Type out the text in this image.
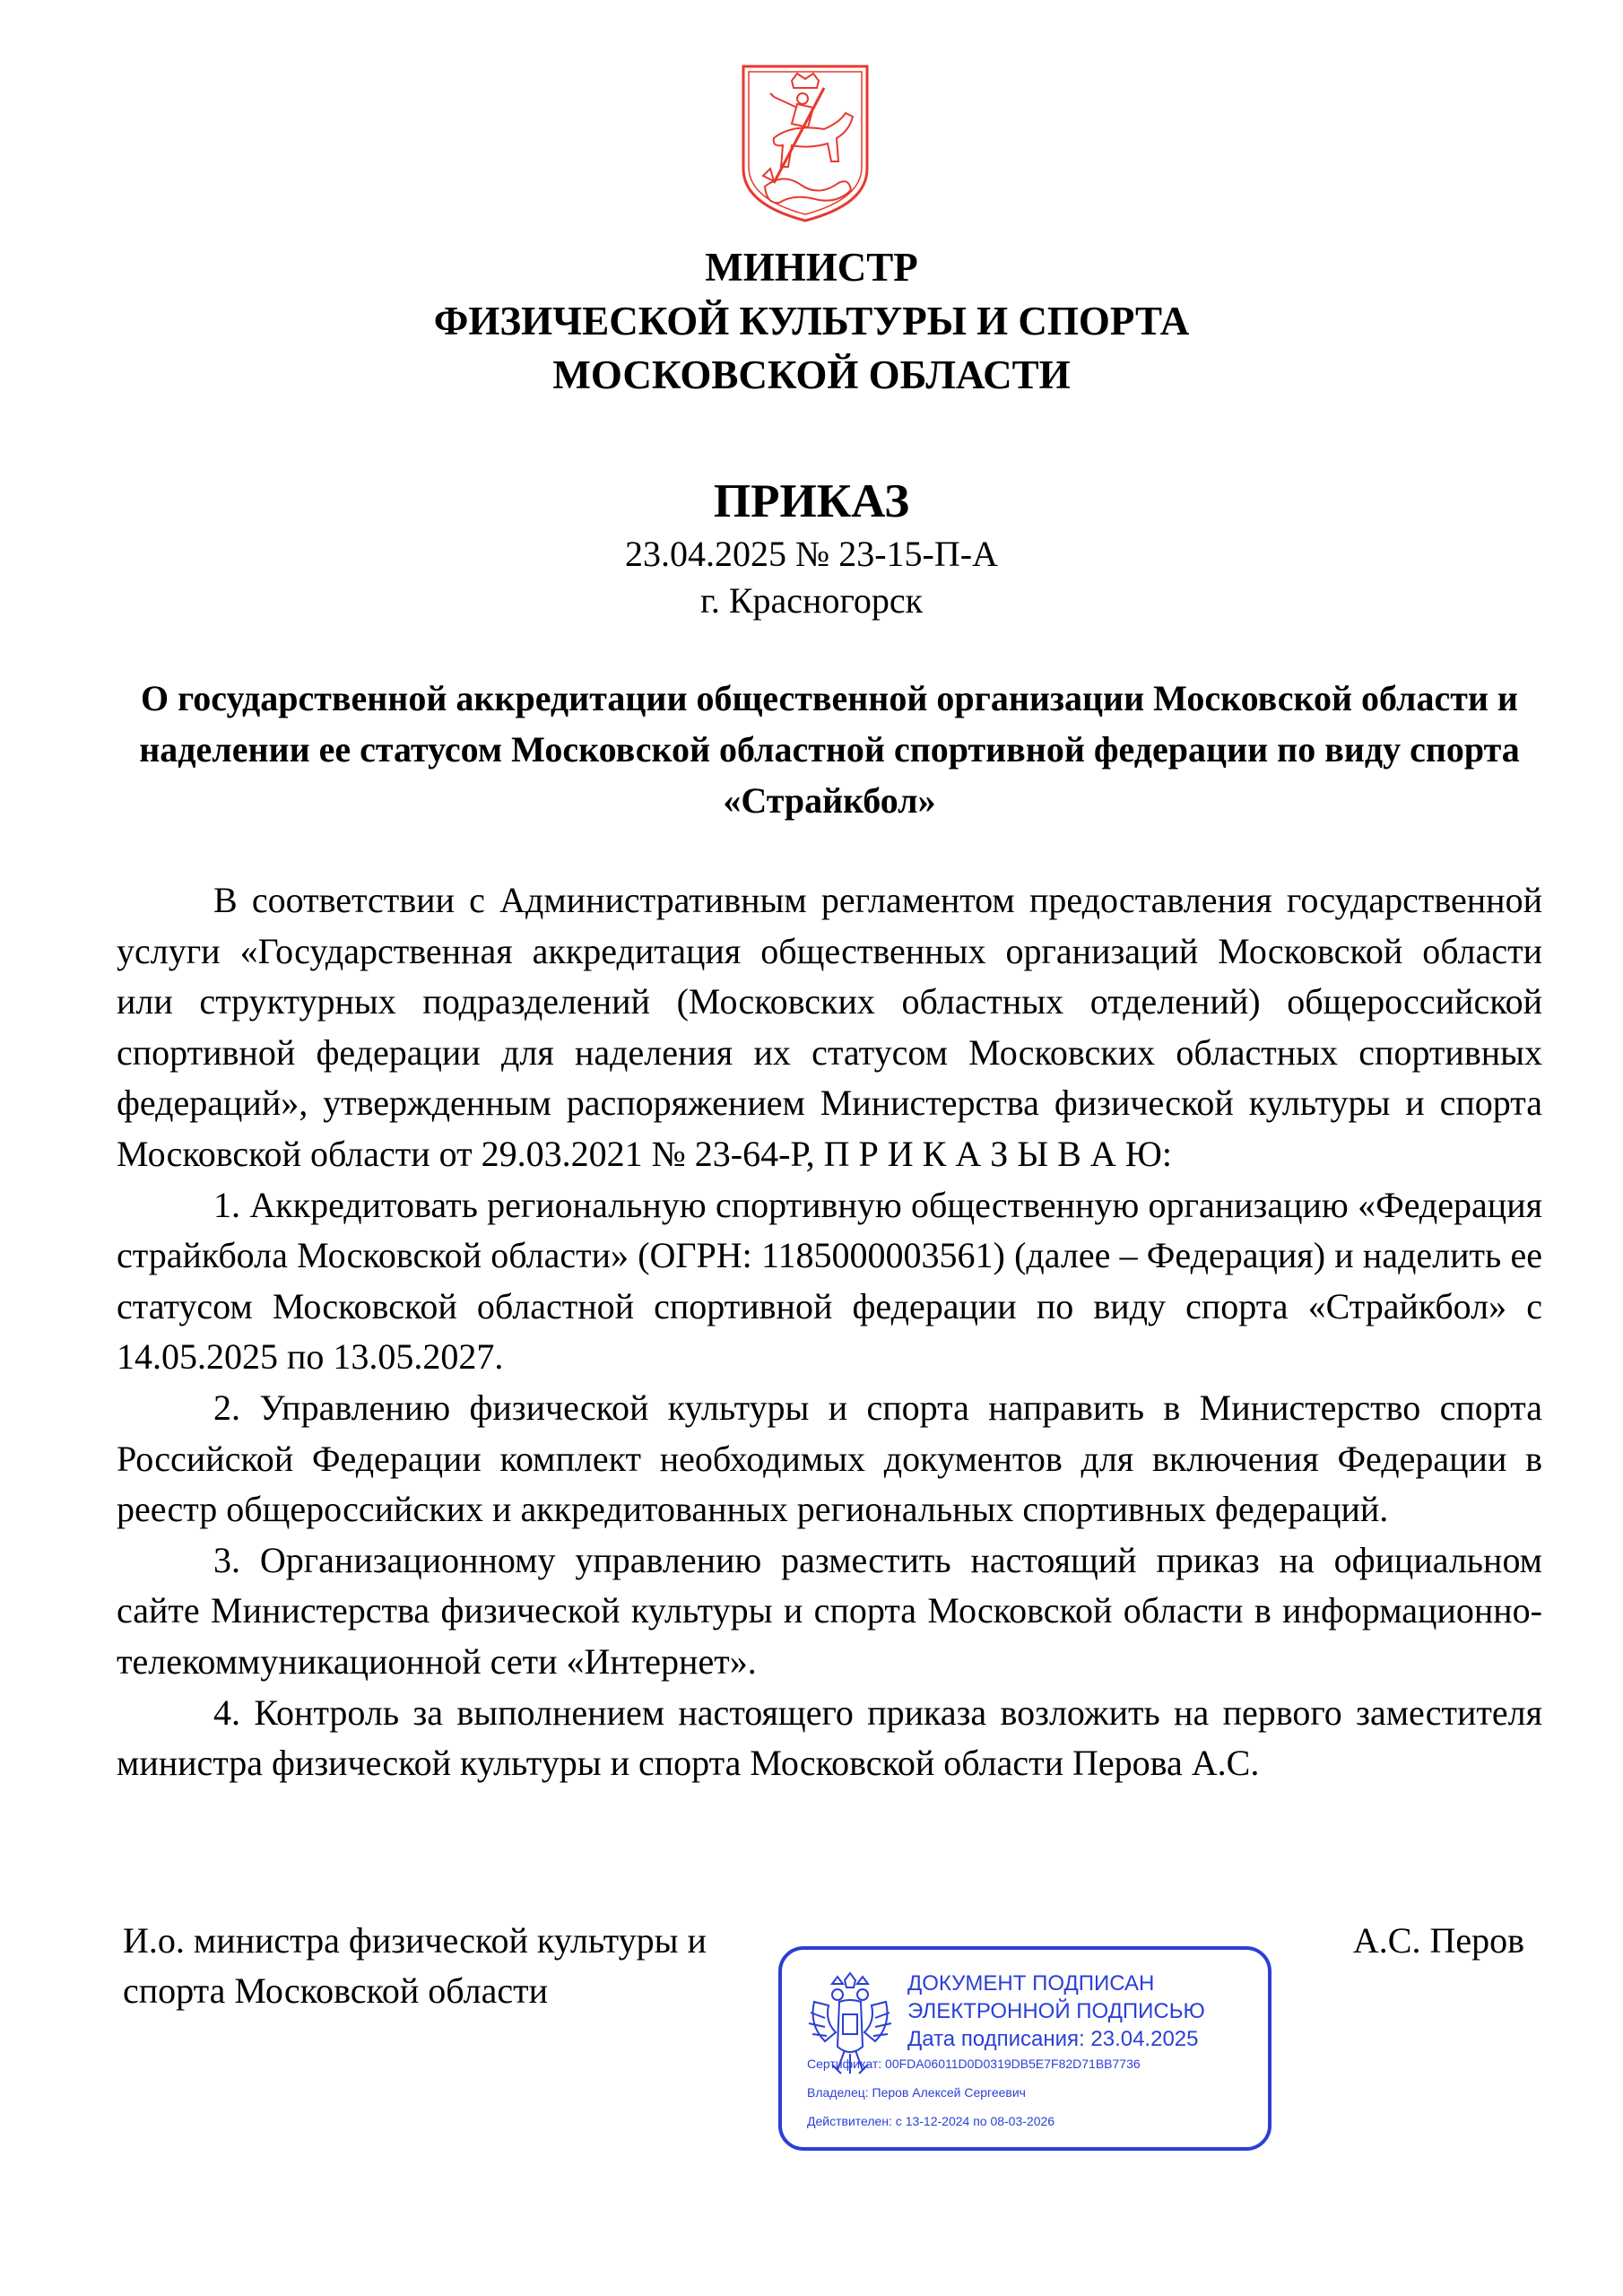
МИНИСТР
ФИЗИЧЕСКОЙ КУЛЬТУРЫ И СПОРТА
МОСКОВСКОЙ ОБЛАСТИ
ПРИКАЗ
23.04.2025 № 23-15-П-А
г. Красногорск
О государственной аккредитации общественной организации Московской области и наделении ее статусом Московской областной спортивной федерации по виду спорта «Страйкбол»

В соответствии с Административным регламентом предоставления государственной услуги «Государственная аккредитация общественных организаций Московской области или структурных подразделений (Московских областных отделений) общероссийской спортивной федерации для наделения их статусом Московских областных спортивных федераций», утвержденным распоряжением Министерства физической культуры и спорта Московской области от 29.03.2021 № 23-64-Р, П Р И К А З Ы В А Ю:

1. Аккредитовать региональную спортивную общественную организацию «Федерация страйкбола Московской области» (ОГРН: 1185000003561) (далее – Федерация) и наделить ее статусом Московской областной спортивной федерации по виду спорта «Страйкбол» с 14.05.2025 по 13.05.2027.

2. Управлению физической культуры и спорта направить в Министерство спорта Российской Федерации комплект необходимых документов для включения Федерации в реестр общероссийских и аккредитованных региональных спортивных федераций.

3. Организационному управлению разместить настоящий приказ на официальном сайте Министерства физической культуры и спорта Московской области в информационно-телекоммуникационной сети «Интернет».

4. Контроль за выполнением настоящего приказа возложить на первого заместителя министра физической культуры и спорта Московской области Перова А.С.

И.о. министра физической культуры и
спорта Московской области
А.С. Перов
ДОКУМЕНТ ПОДПИСАН
ЭЛЕКТРОННОЙ ПОДПИСЬЮ
Дата подписания: 23.04.2025
Сертификат: 00FDA06011D0D0319DB5E7F82D71BB7736
Владелец: Перов Алексей Сергеевич
Действителен: с 13-12-2024 по 08-03-2026
